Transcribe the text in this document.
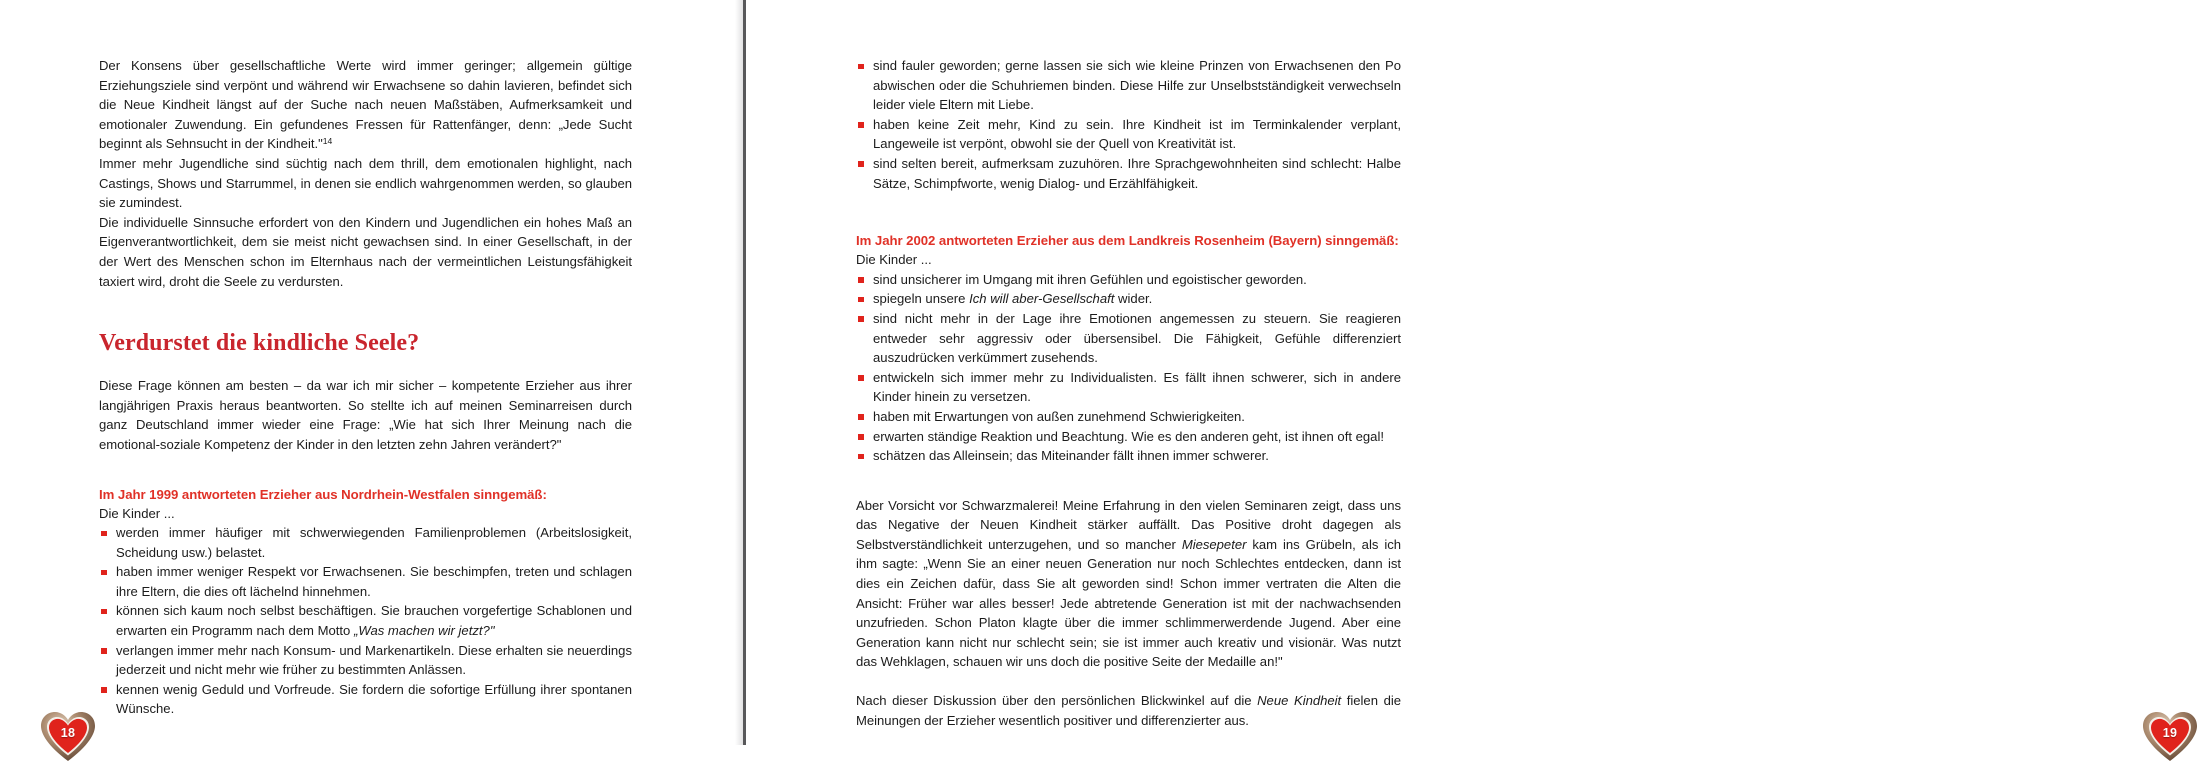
Der Konsens über gesellschaftliche Werte wird immer geringer; allgemein gültige Erziehungsziele sind verpönt und während wir Erwachsene so dahin lavieren, befindet sich die Neue Kindheit längst auf der Suche nach neuen Maßstäben, Aufmerksamkeit und emotionaler Zuwendung. Ein gefundenes Fressen für Rattenfänger, denn: „Jede Sucht beginnt als Sehnsucht in der Kindheit."$^{14}$

Immer mehr Jugendliche sind süchtig nach dem thrill, dem emotionalen highlight, nach Castings, Shows und Starrummel, in denen sie endlich wahrgenommen werden, so glauben sie zumindest.

Die individuelle Sinnsuche erfordert von den Kindern und Jugendlichen ein hohes Maß an Eigenverantwortlichkeit, dem sie meist nicht gewachsen sind. In einer Gesellschaft, in der der Wert des Menschen schon im Elternhaus nach der vermeintlichen Leistungsfähigkeit taxiert wird, droht die Seele zu verdursten.

Verdurstet die kindliche Seele?

Diese Frage können am besten – da war ich mir sicher – kompetente Erzieher aus ihrer langjährigen Praxis heraus beantworten. So stellte ich auf meinen Seminarreisen durch ganz Deutschland immer wieder eine Frage: „Wie hat sich Ihrer Meinung nach die emotional-soziale Kompetenz der Kinder in den letzten zehn Jahren verändert?"

Im Jahr 1999 antworteten Erzieher aus Nordrhein-Westfalen sinngemäß:

Die Kinder ...

werden immer häufiger mit schwerwiegenden Familienproblemen (Arbeitslosigkeit, Scheidung usw.) belastet.
haben immer weniger Respekt vor Erwachsenen. Sie beschimpfen, treten und schlagen ihre Eltern, die dies oft lächelnd hinnehmen.
können sich kaum noch selbst beschäftigen. Sie brauchen vorgefertige Schablonen und erwarten ein Programm nach dem Motto „Was machen wir jetzt?"
verlangen immer mehr nach Konsum- und Markenartikeln. Diese erhalten sie neuerdings jederzeit und nicht mehr wie früher zu bestimmten Anlässen.
kennen wenig Geduld und Vorfreude. Sie fordern die sofortige Erfüllung ihrer spontanen Wünsche.
18
sind fauler geworden; gerne lassen sie sich wie kleine Prinzen von Erwachsenen den Po abwischen oder die Schuhriemen binden. Diese Hilfe zur Unselbstständigkeit verwechseln leider viele Eltern mit Liebe.
haben keine Zeit mehr, Kind zu sein. Ihre Kindheit ist im Terminkalender verplant, Langeweile ist verpönt, obwohl sie der Quell von Kreativität ist.
sind selten bereit, aufmerksam zuzuhören. Ihre Sprachgewohnheiten sind schlecht: Halbe Sätze, Schimpfworte, wenig Dialog- und Erzählfähigkeit.
Im Jahr 2002 antworteten Erzieher aus dem Landkreis Rosenheim (Bayern) sinngemäß:

Die Kinder ...

sind unsicherer im Umgang mit ihren Gefühlen und egoistischer geworden.
spiegeln unsere Ich will aber-Gesellschaft wider.
sind nicht mehr in der Lage ihre Emotionen angemessen zu steuern. Sie reagieren entweder sehr aggressiv oder übersensibel. Die Fähigkeit, Gefühle differenziert auszudrücken verkümmert zusehends.
entwickeln sich immer mehr zu Individualisten. Es fällt ihnen schwerer, sich in andere Kinder hinein zu versetzen.
haben mit Erwartungen von außen zunehmend Schwierigkeiten.
erwarten ständige Reaktion und Beachtung. Wie es den anderen geht, ist ihnen oft egal!
schätzen das Alleinsein; das Miteinander fällt ihnen immer schwerer.

Aber Vorsicht vor Schwarzmalerei! Meine Erfahrung in den vielen Seminaren zeigt, dass uns das Negative der Neuen Kindheit stärker auffällt. Das Positive droht dagegen als Selbstverständlichkeit unterzugehen, und so mancher Miesepeter kam ins Grübeln, als ich ihm sagte: „Wenn Sie an einer neuen Generation nur noch Schlechtes entdecken, dann ist dies ein Zeichen dafür, dass Sie alt geworden sind! Schon immer vertraten die Alten die Ansicht: Früher war alles besser! Jede abtretende Generation ist mit der nachwachsenden unzufrieden. Schon Platon klagte über die immer schlimmerwerdende Jugend. Aber eine Generation kann nicht nur schlecht sein; sie ist immer auch kreativ und visionär. Was nutzt das Wehklagen, schauen wir uns doch die positive Seite der Medaille an!"

Nach dieser Diskussion über den persönlichen Blickwinkel auf die Neue Kindheit fielen die Meinungen der Erzieher wesentlich positiver und differenzierter aus.

19
